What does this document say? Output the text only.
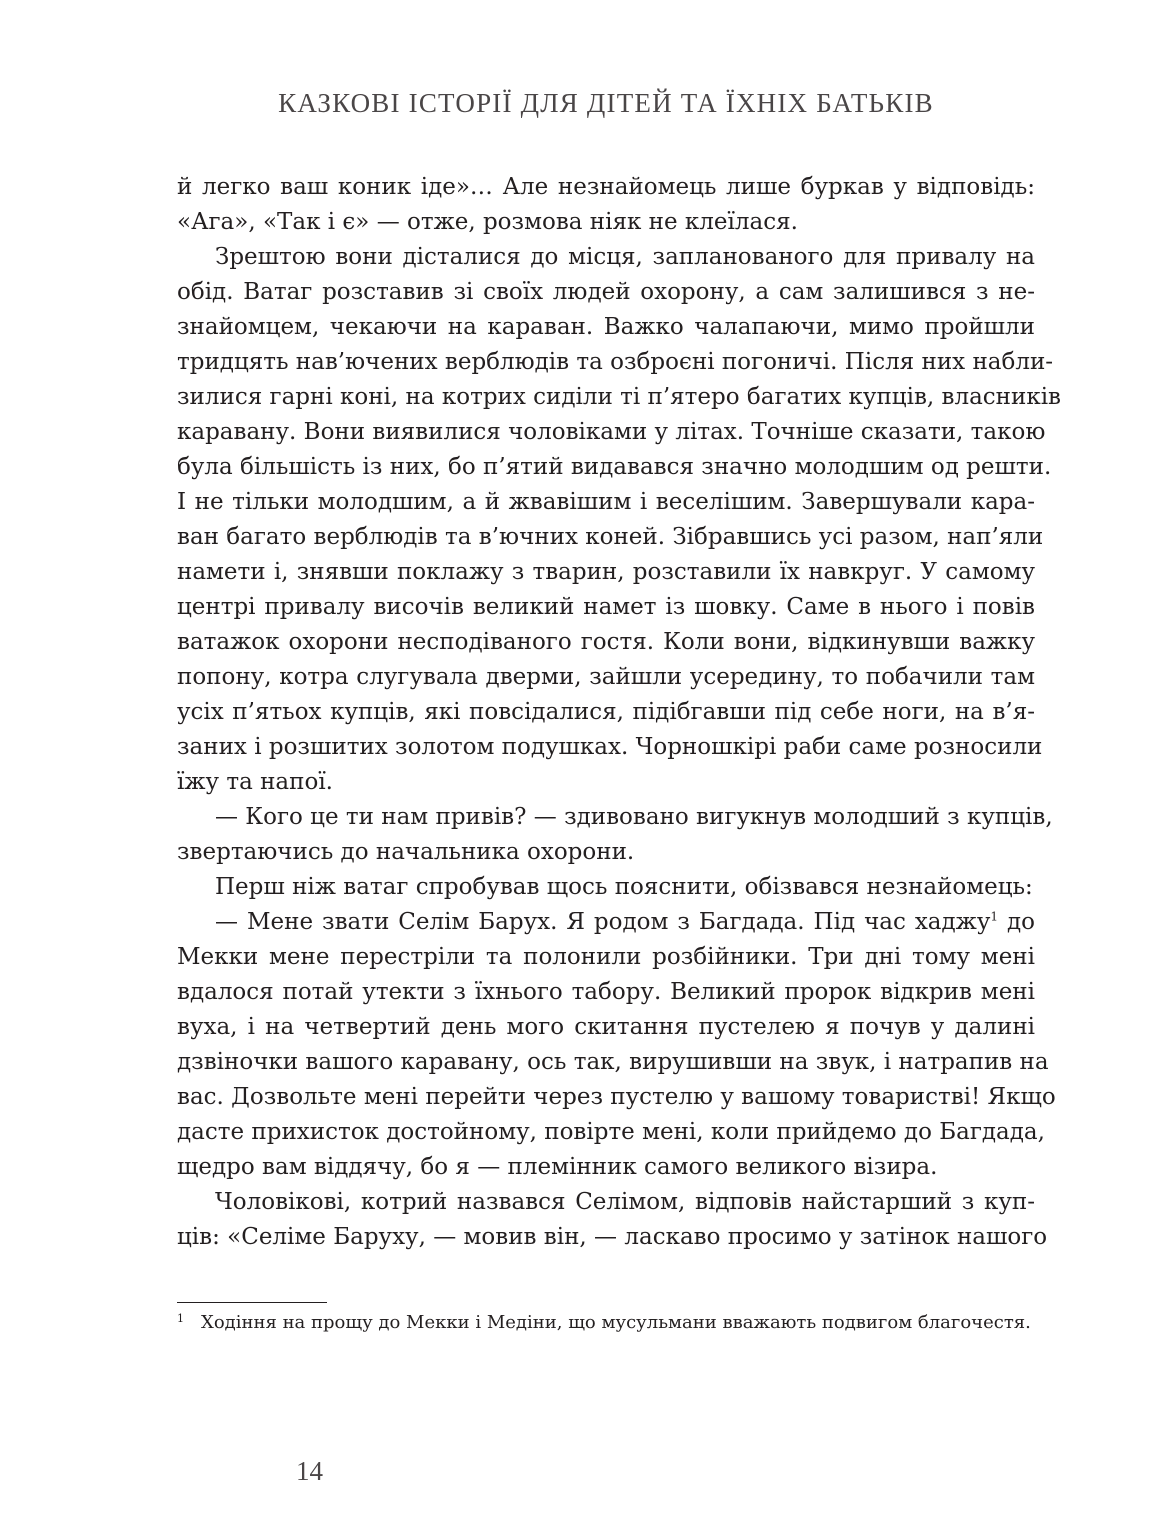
КАЗКОВІ ІСТОРІЇ ДЛЯ ДІТЕЙ ТА ЇХНІХ БАТЬКІВ

й легко ваш коник іде»… Але незнайомець лише буркав у відповідь:

«Ага», «Так і є» — отже, розмова ніяк не клеїлася.

Зрештою вони дісталися до місця, запланованого для привалу на

обід. Ватаг розставив зі своїх людей охорону, а сам залишився з не-

знайомцем, чекаючи на караван. Важко чалапаючи, мимо пройшли

тридцять нав’ючених верблюдів та озброєні погоничі. Після них набли-

зилися гарні коні, на котрих сиділи ті п’ятеро багатих купців, власників

каравану. Вони виявилися чоловіками у літах. Точніше сказати, такою

була більшість із них, бо п’ятий видавався значно молодшим од решти.

І не тільки молодшим, а й жвавішим і веселішим. Завершували кара-

ван багато верблюдів та в’ючних коней. Зібравшись усі разом, нап’яли

намети і, знявши поклажу з тварин, розставили їх навкруг. У самому

центрі привалу височів великий намет із шовку. Саме в нього і повів

ватажок охорони несподіваного гостя. Коли вони, відкинувши важку

попону, котра слугувала дверми, зайшли усередину, то побачили там

усіх п’ятьох купців, які повсідалися, підібгавши під себе ноги, на в’я-

заних і розшитих золотом подушках. Чорношкірі раби саме розносили

їжу та напої.

— Кого це ти нам привів? — здивовано вигукнув молодший з купців,

звертаючись до начальника охорони.

Перш ніж ватаг спробував щось пояснити, обізвався незнайомець:

— Мене звати Селім Барух. Я родом з Багдада. Під час хаджу$^1$ до

Мекки мене перестріли та полонили розбійники. Три дні тому мені

вдалося потай утекти з їхнього табору. Великий пророк відкрив мені

вуха, і на четвертий день мого скитання пустелею я почув у далині

дзвіночки вашого каравану, ось так, вирушивши на звук, і натрапив на

вас. Дозвольте мені перейти через пустелю у вашому товаристві! Якщо

дасте прихисток достойному, повірте мені, коли прийдемо до Багдада,

щедро вам віддячу, бо я — племінник самого великого візира.

Чоловікові, котрий назвався Селімом, відповів найстарший з куп-

ців: «Селіме Баруху, — мовив він, — ласкаво просимо у затінок нашого

1 Ходіння на прощу до Мекки і Медіни, що мусульмани вважають подвигом благочестя.
14
